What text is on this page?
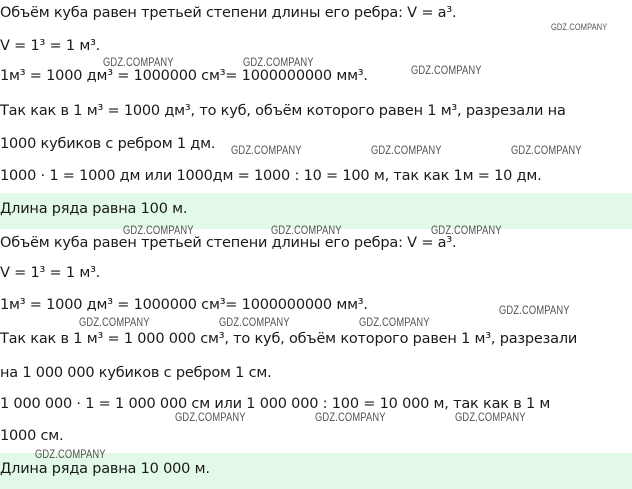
Объём куба равен третьей степени длины его ребра: V = a³.
V = 1³ = 1 м³.
1м³ = 1000 дм³ = 1000000 см³= 1000000000 мм³.
Так как в 1 м³ = 1000 дм³, то куб, объём которого равен 1 м³, разрезали на
1000 кубиков с ребром 1 дм.
1000 · 1 = 1000 дм или 1000дм = 1000 : 10 = 100 м, так как 1м = 10 дм.
Длина ряда равна 100 м.
Объём куба равен третьей степени длины его ребра: V = a³.
V = 1³ = 1 м³.
1м³ = 1000 дм³ = 1000000 см³= 1000000000 мм³.
Так как в 1 м³ = 1 000 000 см³, то куб, объём которого равен 1 м³, разрезали
на 1 000 000 кубиков с ребром 1 см.
1 000 000 · 1 = 1 000 000 см или 1 000 000 : 100 = 10 000 м, так как в 1 м
1000 см.
Длина ряда равна 10 000 м.
GDZ.COMPANY
GDZ.COMPANY	GDZ.COMPANY
GDZ.COMPANY
GDZ.COMPANY	GDZ.COMPANY	GDZ.COMPANY
GDZ.COMPANY	GDZ.COMPANY	GDZ.COMPANY
GDZ.COMPANY
GDZ.COMPANY	GDZ.COMPANY	GDZ.COMPANY
GDZ.COMPANY	GDZ.COMPANY	GDZ.COMPANY
GDZ.COMPANY
